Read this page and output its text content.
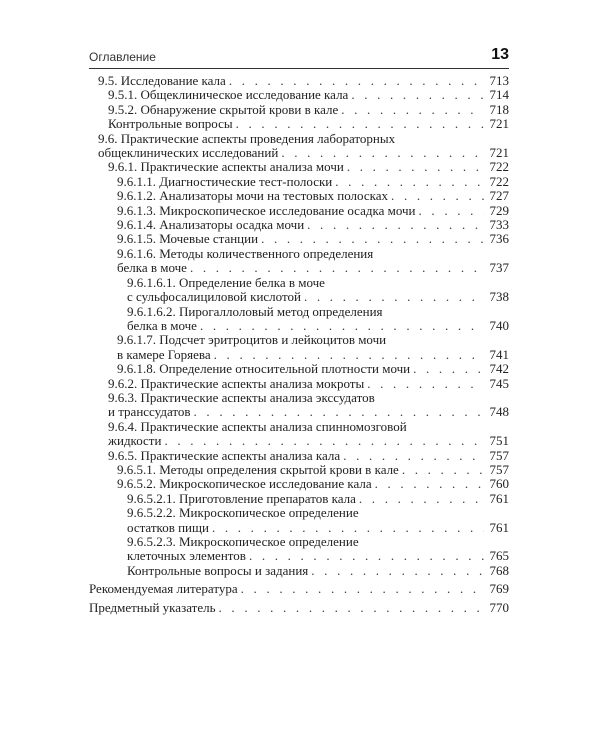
Оглавление	13
9.5. Исследование кала . . .	713
9.5.1. Общеклиническое исследование кала . . .	714
9.5.2. Обнаружение скрытой крови в кале . . .	718
Контрольные вопросы . . .	721
9.6. Практические аспекты проведения лабораторных
общеклинических исследований . . .	721
9.6.1. Практические аспекты анализа мочи . . .	722
9.6.1.1. Диагностические тест-полоски . . .	722
9.6.1.2. Анализаторы мочи на тестовых полосках . . .	727
9.6.1.3. Микроскопическое исследование осадка мочи . . .	729
9.6.1.4. Анализаторы осадка мочи . . .	733
9.6.1.5. Мочевые станции . . .	736
9.6.1.6. Методы количественного определения
белка в моче . . .	737
9.6.1.6.1. Определение белка в моче
с сульфосалициловой кислотой . . .	738
9.6.1.6.2. Пирогаллоловый метод определения
белка в моче . . .	740
9.6.1.7. Подсчет эритроцитов и лейкоцитов мочи
в камере Горяева . . .	741
9.6.1.8. Определение относительной плотности мочи . . .	742
9.6.2. Практические аспекты анализа мокроты . . .	745
9.6.3. Практические аспекты анализа экссудатов
и транссудатов . . .	748
9.6.4. Практические аспекты анализа спинномозговой
жидкости . . .	751
9.6.5. Практические аспекты анализа кала . . .	757
9.6.5.1. Методы определения скрытой крови в кале . . .	757
9.6.5.2. Микроскопическое исследование кала . . .	760
9.6.5.2.1. Приготовление препаратов кала . . .	761
9.6.5.2.2. Микроскопическое определение
остатков пищи . . .	761
9.6.5.2.3. Микроскопическое определение
клеточных элементов . . .	765
Контрольные вопросы и задания . . .	768
Рекомендуемая литература . . .	769
Предметный указатель . . .	770
